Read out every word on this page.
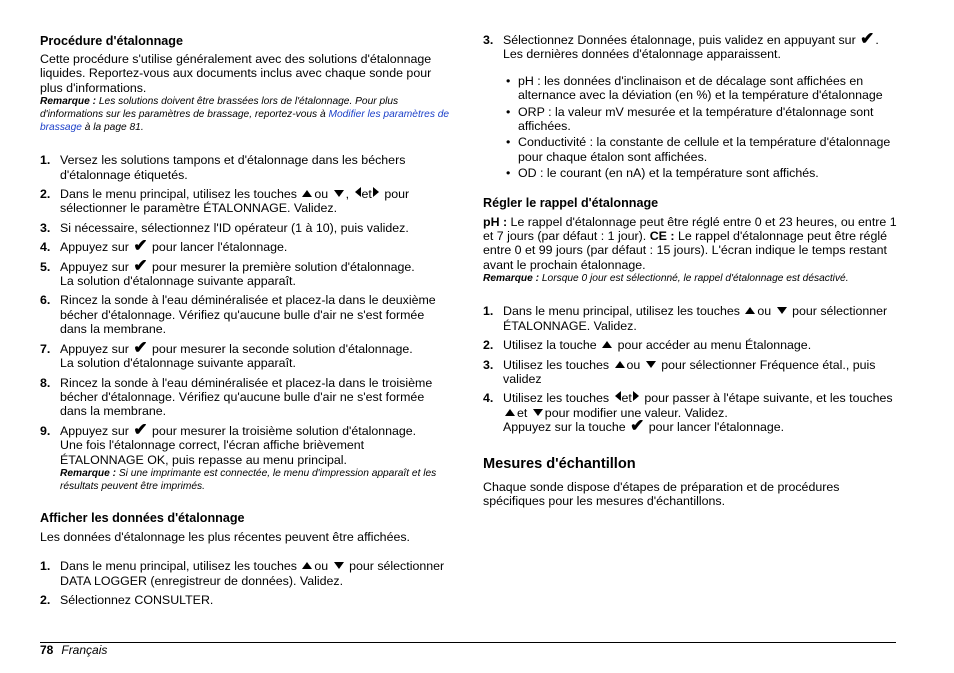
Procédure d'étalonnage

Cette procédure s'utilise généralement avec des solutions d'étalonnage liquides. Reportez-vous aux documents inclus avec chaque sonde pour plus d'informations.

Remarque : Les solutions doivent être brassées lors de l'étalonnage. Pour plus d'informations sur les paramètres de brassage, reportez-vous à Modifier les paramètres de brassage à la page 81.

1. Versez les solutions tampons et d'étalonnage dans les béchers d'étalonnage étiquetés.
2. Dans le menu principal, utilisez les touches ou , et pour sélectionner le paramètre ÉTALONNAGE. Validez.
3. Si nécessaire, sélectionnez l'ID opérateur (1 à 10), puis validez.
4. Appuyez sur ✔ pour lancer l'étalonnage.
5. Appuyez sur ✔ pour mesurer la première solution d'étalonnage.
La solution d'étalonnage suivante apparaît.
6. Rincez la sonde à l'eau déminéralisée et placez-la dans le deuxième bécher d'étalonnage. Vérifiez qu'aucune bulle d'air ne s'est formée dans la membrane.
7. Appuyez sur ✔ pour mesurer la seconde solution d'étalonnage.
La solution d'étalonnage suivante apparaît.
8. Rincez la sonde à l'eau déminéralisée et placez-la dans le troisième bécher d'étalonnage. Vérifiez qu'aucune bulle d'air ne s'est formée dans la membrane.
9. Appuyez sur ✔ pour mesurer la troisième solution d'étalonnage.
Une fois l'étalonnage correct, l'écran affiche brièvement ÉTALONNAGE OK, puis repasse au menu principal.

Remarque : Si une imprimante est connectée, le menu d'impression apparaît et les résultats peuvent être imprimés.

Afficher les données d'étalonnage

Les données d'étalonnage les plus récentes peuvent être affichées.

1. Dans le menu principal, utilisez les touches ou pour sélectionner DATA LOGGER (enregistreur de données). Validez.
2. Sélectionnez CONSULTER.
3. Sélectionnez Données étalonnage, puis validez en appuyant sur ✔.
Les dernières données d'étalonnage apparaissent.
• pH : les données d'inclinaison et de décalage sont affichées en alternance avec la déviation (en %) et la température d'étalonnage
• ORP : la valeur mV mesurée et la température d'étalonnage sont affichées.
• Conductivité : la constante de cellule et la température d'étalonnage pour chaque étalon sont affichées.
• OD : le courant (en nA) et la température sont affichés.
Régler le rappel d'étalonnage

pH : Le rappel d'étalonnage peut être réglé entre 0 et 23 heures, ou entre 1 et 7 jours (par défaut : 1 jour). CE : Le rappel d'étalonnage peut être réglé entre 0 et 99 jours (par défaut : 15 jours). L'écran indique le temps restant avant le prochain étalonnage.

Remarque : Lorsque 0 jour est sélectionné, le rappel d'étalonnage est désactivé.

1. Dans le menu principal, utilisez les touches ou pour sélectionner ÉTALONNAGE. Validez.
2. Utilisez la touche pour accéder au menu Étalonnage.
3. Utilisez les touches ou pour sélectionner Fréquence étal., puis validez
4. Utilisez les touches et pour passer à l'étape suivante, et les touches et pour modifier une valeur. Validez.
Appuyez sur la touche ✔ pour lancer l'étalonnage.
Mesures d'échantillon

Chaque sonde dispose d'étapes de préparation et de procédures spécifiques pour les mesures d'échantillons.

78 Français
